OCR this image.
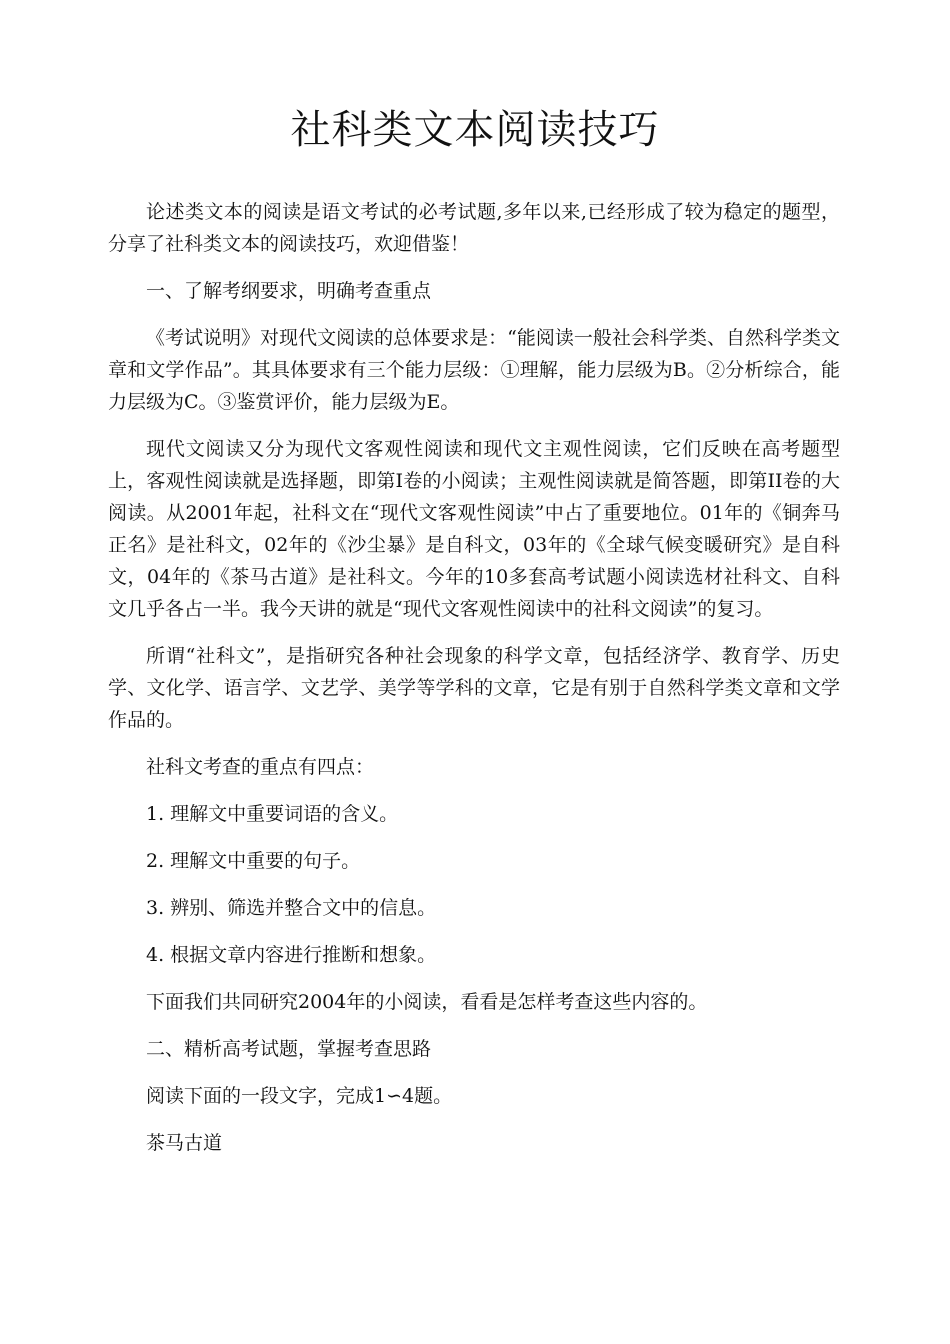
社科类文本阅读技巧

论述类文本的阅读是语文考试的必考试题,多年以来,已经形成了较为稳定的题型，分享了社科类文本的阅读技巧，欢迎借鉴！

一、了解考纲要求，明确考查重点

《考试说明》对现代文阅读的总体要求是：“能阅读一般社会科学类、自然科学类文章和文学作品”。其具体要求有三个能力层级：①理解，能力层级为B。②分析综合，能力层级为C。③鉴赏评价，能力层级为E。

现代文阅读又分为现代文客观性阅读和现代文主观性阅读，它们反映在高考题型上，客观性阅读就是选择题，即第I卷的小阅读；主观性阅读就是简答题，即第II卷的大阅读。从2001年起，社科文在“现代文客观性阅读”中占了重要地位。01年的《铜奔马正名》是社科文，02年的《沙尘暴》是自科文，03年的《全球气候变暖研究》是自科文，04年的《茶马古道》是社科文。今年的10多套高考试题小阅读选材社科文、自科文几乎各占一半。我今天讲的就是“现代文客观性阅读中的社科文阅读”的复习。

所谓“社科文”，是指研究各种社会现象的科学文章，包括经济学、教育学、历史学、文化学、语言学、文艺学、美学等学科的文章，它是有别于自然科学类文章和文学作品的。

社科文考查的重点有四点：

1. 理解文中重要词语的含义。

2. 理解文中重要的句子。

3. 辨别、筛选并整合文中的信息。

4. 根据文章内容进行推断和想象。

下面我们共同研究2004年的小阅读，看看是怎样考查这些内容的。

二、精析高考试题，掌握考查思路

阅读下面的一段文字，完成1∽4题。

茶马古道
